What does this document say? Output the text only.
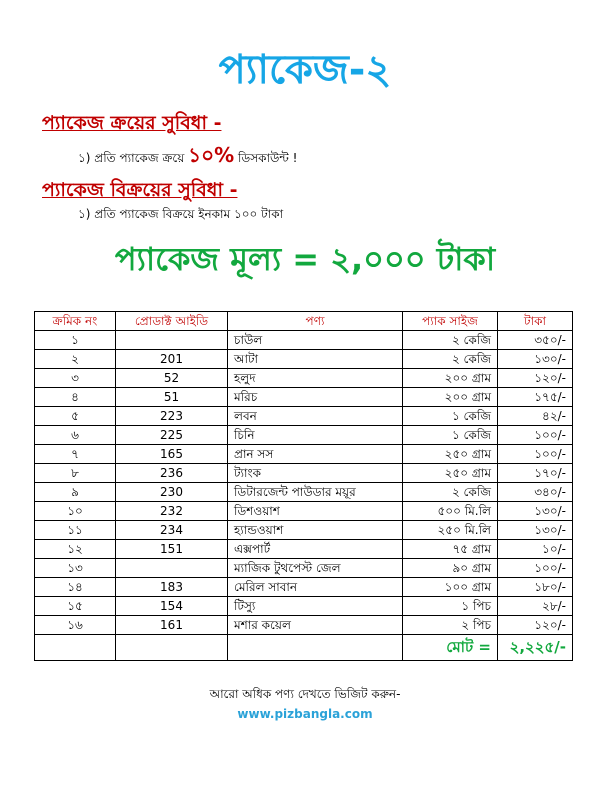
প্যাকেজ-২
প্যাকেজ ক্রয়ের সুবিধা -
১) প্রতি প্যাকেজ ক্রয়ে ১০% ডিসকাউন্ট !
প্যাকেজ বিক্রয়ের সুবিধা -
১) প্রতি প্যাকেজ বিক্রয়ে ইনকাম ১০০ টাকা
প্যাকেজ মূল্য = ২,০০০ টাকা
ক্রমিক নং	প্রোডাক্ট আইডি	পণ্য	প্যাক সাইজ	টাকা
১		চাউল	২ কেজি	৩৫০/-
২	201	আটা	২ কেজি	১৩০/-
৩	52	হলুদ	২০০ গ্রাম	১২০/-
৪	51	মরিচ	২০০ গ্রাম	১৭৫/-
৫	223	লবন	১ কেজি	৪২/-
৬	225	চিনি	১ কেজি	১০০/-
৭	165	প্রান সস	২৫০ গ্রাম	১০০/-
৮	236	ট্যাংক	২৫০ গ্রাম	১৭০/-
৯	230	ডিটারজেন্ট পাউডার ময়ূর	২ কেজি	৩৪০/-
১০	232	ডিশওয়াশ	৫০০ মি.লি	১৩০/-
১১	234	হ্যান্ডওয়াশ	২৫০ মি.লি	১৩০/-
১২	151	এক্সপার্ট	৭৫ গ্রাম	১০/-
১৩		ম্যাজিক টুথপেস্ট জেল	৯০ গ্রাম	১০০/-
১৪	183	মেরিল সাবান	১০০ গ্রাম	১৮০/-
১৫	154	টিস্যু	১ পিচ	২৮/-
১৬	161	মশার কয়েল	২ পিচ	১২০/-
			মোট =	২,২২৫/-
আরো অধিক পণ্য দেখতে ভিজিট করুন-
www.pizbangla.com
